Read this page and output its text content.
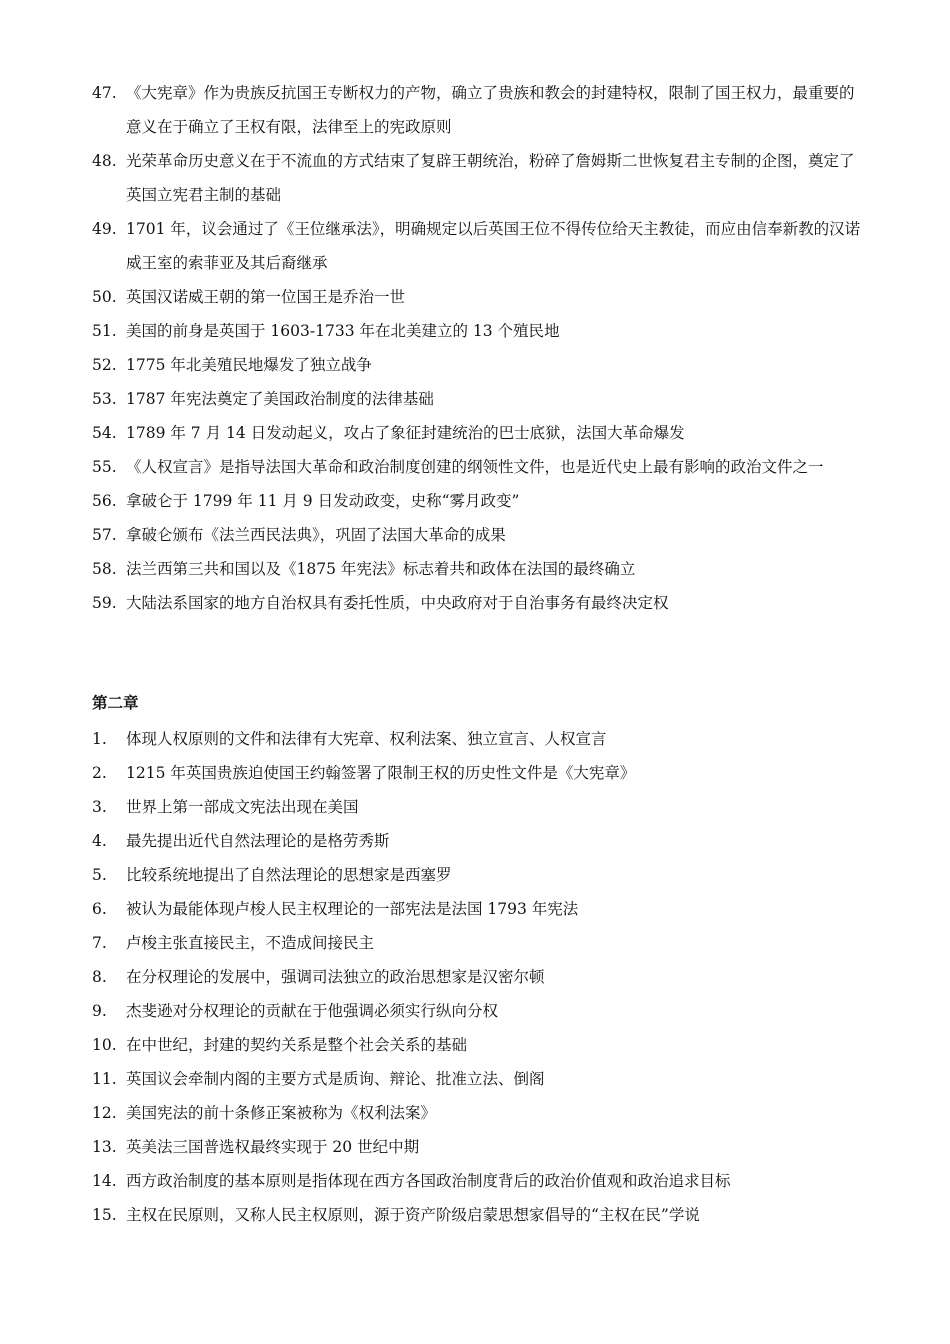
47. 《大宪章》作为贵族反抗国王专断权力的产物，确立了贵族和教会的封建特权，限制了国王权力，最重要的意义在于确立了王权有限，法律至上的宪政原则
48. 光荣革命历史意义在于不流血的方式结束了复辟王朝统治，粉碎了詹姆斯二世恢复君主专制的企图，奠定了英国立宪君主制的基础
49. 1701 年，议会通过了《王位继承法》，明确规定以后英国王位不得传位给天主教徒，而应由信奉新教的汉诺威王室的索菲亚及其后裔继承
50. 英国汉诺威王朝的第一位国王是乔治一世
51. 美国的前身是英国于 1603-1733 年在北美建立的 13 个殖民地
52. 1775 年北美殖民地爆发了独立战争
53. 1787 年宪法奠定了美国政治制度的法律基础
54. 1789 年 7 月 14 日发动起义，攻占了象征封建统治的巴士底狱，法国大革命爆发
55. 《人权宣言》是指导法国大革命和政治制度创建的纲领性文件，也是近代史上最有影响的政治文件之一
56. 拿破仑于 1799 年 11 月 9 日发动政变，史称“雾月政变”
57. 拿破仑颁布《法兰西民法典》，巩固了法国大革命的成果
58. 法兰西第三共和国以及《1875 年宪法》标志着共和政体在法国的最终确立
59. 大陆法系国家的地方自治权具有委托性质，中央政府对于自治事务有最终决定权
第二章
1.	体现人权原则的文件和法律有大宪章、权利法案、独立宣言、人权宣言
2.	1215 年英国贵族迫使国王约翰签署了限制王权的历史性文件是《大宪章》
3.	世界上第一部成文宪法出现在美国
4.	最先提出近代自然法理论的是格劳秀斯
5.	比较系统地提出了自然法理论的思想家是西塞罗
6.	被认为最能体现卢梭人民主权理论的一部宪法是法国 1793 年宪法
7.	卢梭主张直接民主，不造成间接民主
8.	在分权理论的发展中，强调司法独立的政治思想家是汉密尔顿
9.	杰斐逊对分权理论的贡献在于他强调必须实行纵向分权
10. 在中世纪，封建的契约关系是整个社会关系的基础
11. 英国议会牵制内阁的主要方式是质询、辩论、批准立法、倒阁
12. 美国宪法的前十条修正案被称为《权利法案》
13. 英美法三国普选权最终实现于 20 世纪中期
14. 西方政治制度的基本原则是指体现在西方各国政治制度背后的政治价值观和政治追求目标
15. 主权在民原则，又称人民主权原则，源于资产阶级启蒙思想家倡导的“主权在民”学说
